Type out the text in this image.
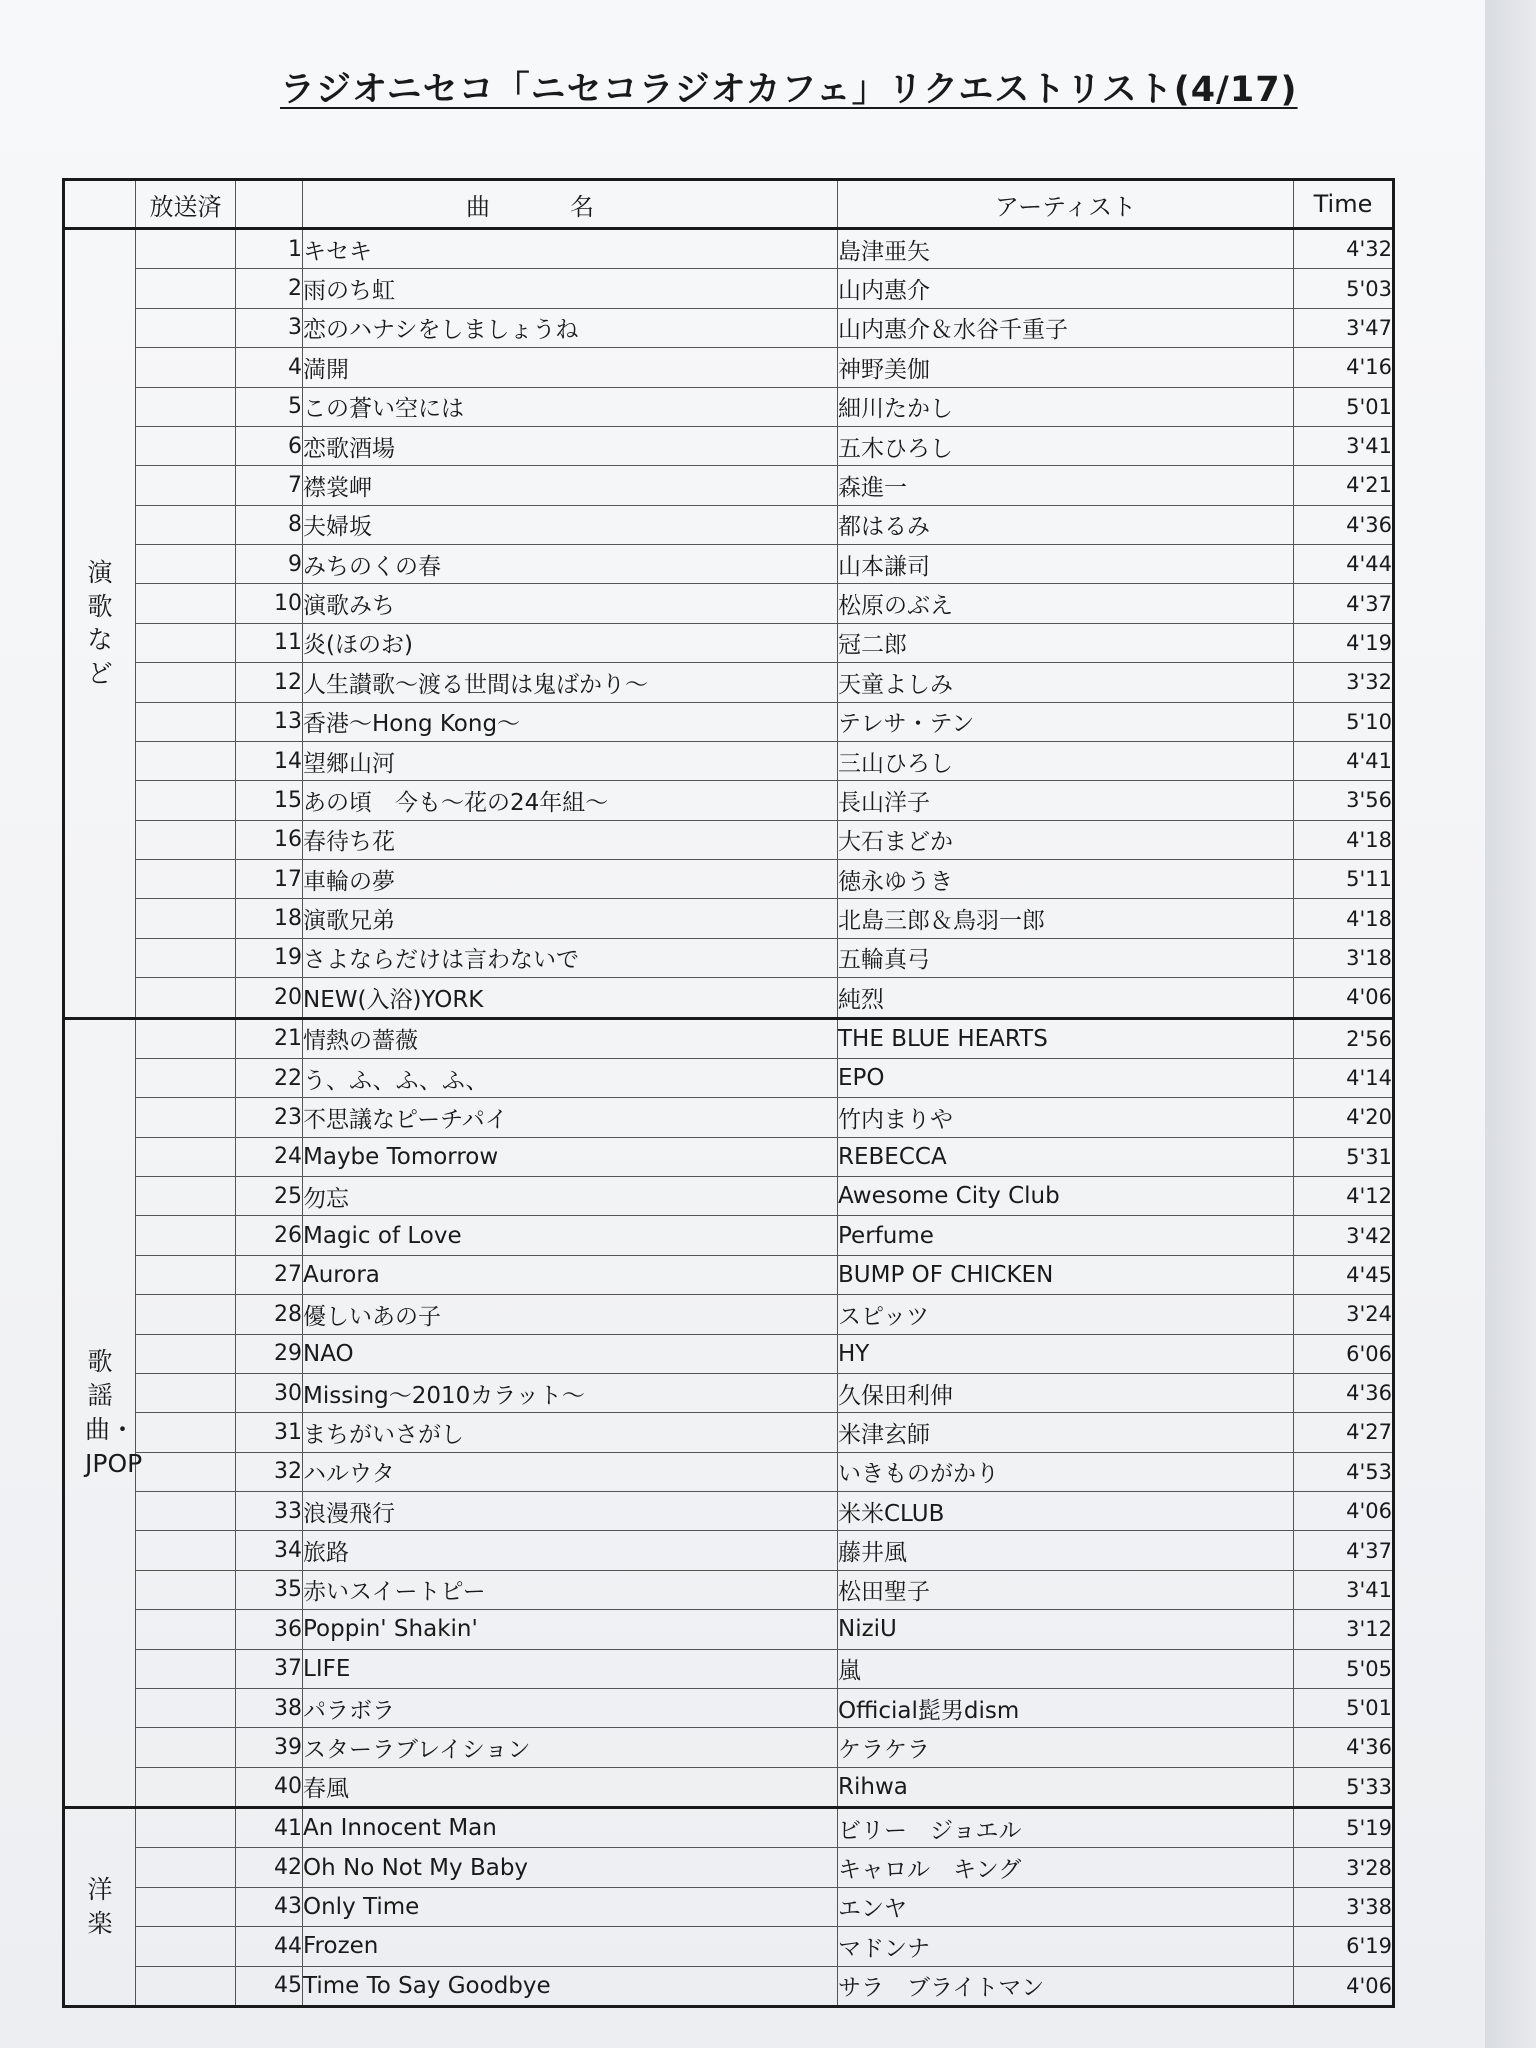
ラジオニセコ「ニセコラジオカフェ」リクエストリスト(4/17)
	放送済		曲名	アーティスト	Time

演歌 など		1	キセキ	島津亜矢	4'32
		2	雨のち虹	山内惠介	5'03
		3	恋のハナシをしましょうね	山内惠介＆水谷千重子	3'47
		4	満開	神野美伽	4'16
		5	この蒼い空には	細川たかし	5'01
		6	恋歌酒場	五木ひろし	3'41
		7	襟裳岬	森進一	4'21
		8	夫婦坂	都はるみ	4'36
		9	みちのくの春	山本謙司	4'44
		10	演歌みち	松原のぶえ	4'37
		11	炎(ほのお)	冠二郎	4'19
		12	人生讃歌～渡る世間は鬼ばかり～	天童よしみ	3'32
		13	香港～Hong Kong～	テレサ・テン	5'10
		14	望郷山河	三山ひろし	4'41
		15	あの頃　今も～花の24年組～	長山洋子	3'56
		16	春待ち花	大石まどか	4'18
		17	車輪の夢	徳永ゆうき	5'11
		18	演歌兄弟	北島三郎＆鳥羽一郎	4'18
		19	さよならだけは言わないで	五輪真弓	3'18
		20	NEW(入浴)YORK	純烈	4'06

歌謡曲・JPOP		21	情熱の薔薇	THE BLUE HEARTS	2'56
		22	う、ふ、ふ、ふ、	EPO	4'14
		23	不思議なピーチパイ	竹内まりや	4'20
		24	Maybe Tomorrow	REBECCA	5'31
		25	勿忘	Awesome City Club	4'12
		26	Magic of Love	Perfume	3'42
		27	Aurora	BUMP OF CHICKEN	4'45
		28	優しいあの子	スピッツ	3'24
		29	NAO	HY	6'06
		30	Missing～2010カラット～	久保田利伸	4'36
		31	まちがいさがし	米津玄師	4'27
		32	ハルウタ	いきものがかり	4'53
		33	浪漫飛行	米米CLUB	4'06
		34	旅路	藤井風	4'37
		35	赤いスイートピー	松田聖子	3'41
		36	Poppin' Shakin'	NiziU	3'12
		37	LIFE	嵐	5'05
		38	パラボラ	Official髭男dism	5'01
		39	スターラブレイション	ケラケラ	4'36
		40	春風	Rihwa	5'33

洋 楽		41	An Innocent Man	ビリー　ジョエル	5'19
		42	Oh No Not My Baby	キャロル　キング	3'28
		43	Only Time	エンヤ	3'38
		44	Frozen	マドンナ	6'19
		45	Time To Say Goodbye	サラ　ブライトマン	4'06
